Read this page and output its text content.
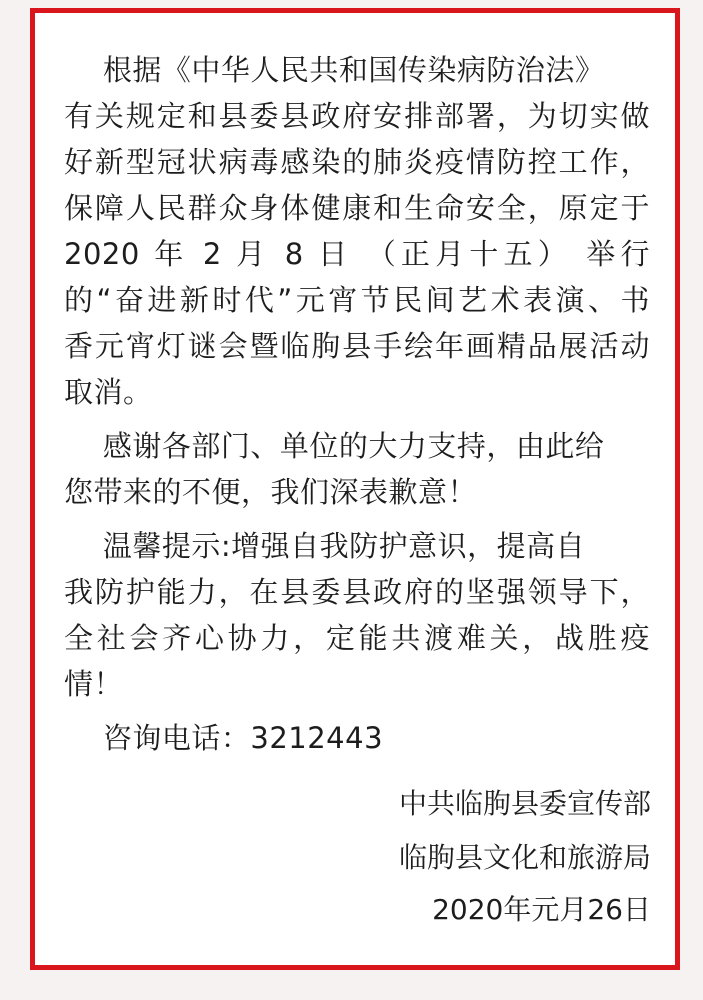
根据《中华人民共和国传染病防治法》
有关规定和县委县政府安排部署，为切实做
好新型冠状病毒感染的肺炎疫情防控工作，
保障人民群众身体健康和生命安全，原定于
2020 年 2 月 8 日 （正月十五） 举行
的“奋进新时代”元宵节民间艺术表演、书
香元宵灯谜会暨临朐县手绘年画精品展活动
取消。
感谢各部门、单位的大力支持，由此给
您带来的不便，我们深表歉意！
温馨提示:增强自我防护意识，提高自
我防护能力，在县委县政府的坚强领导下，
全社会齐心协力，定能共渡难关，战胜疫
情！
咨询电话：3212443
中共临朐县委宣传部
临朐县文化和旅游局
2020年元月26日
